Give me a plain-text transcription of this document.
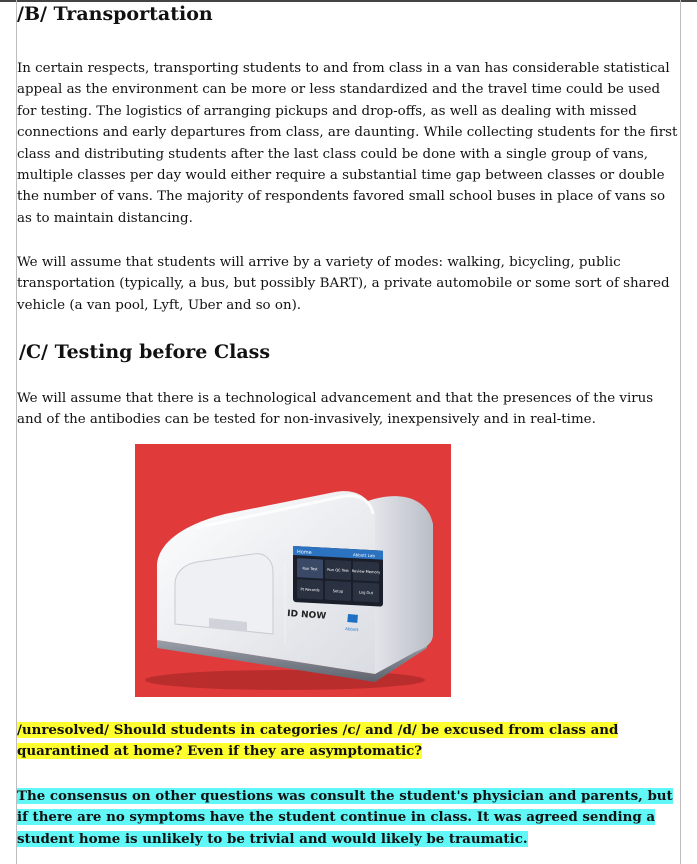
/B/ Transportation

In certain respects, transporting students to and from class in a van has considerable statistical appeal as the environment can be more or less standardized and the travel time could be used for testing. The logistics of arranging pickups and drop-offs, as well as dealing with missed connections and early departures from class, are daunting. While collecting students for the first class and distributing students after the last class could be done with a single group of vans, multiple classes per day would either require a substantial time gap between classes or double the number of vans. The majority of respondents favored small school buses in place of vans so as to maintain distancing.

We will assume that students will arrive by a variety of modes: walking, bicycling, public transportation (typically, a bus, but possibly BART), a private automobile or some sort of shared vehicle (a van pool, Lyft, Uber and so on).

/C/ Testing before Class

We will assume that there is a technological advancement and that the presences of the virus and of the antibodies can be tested for non-invasively, inexpensively and in real-time.

Home	Abbott Lab
Run Test	Run QC Test Review Memory
Pt Records	Setup	Log Out
ID NOW
Abbott

/unresolved/ Should students in categories /c/ and /d/ be excused from class and quarantined at home? Even if they are asymptomatic?

The consensus on other questions was consult the student's physician and parents, but if there are no symptoms have the student continue in class. It was agreed sending a student home is unlikely to be trivial and would likely be traumatic.
